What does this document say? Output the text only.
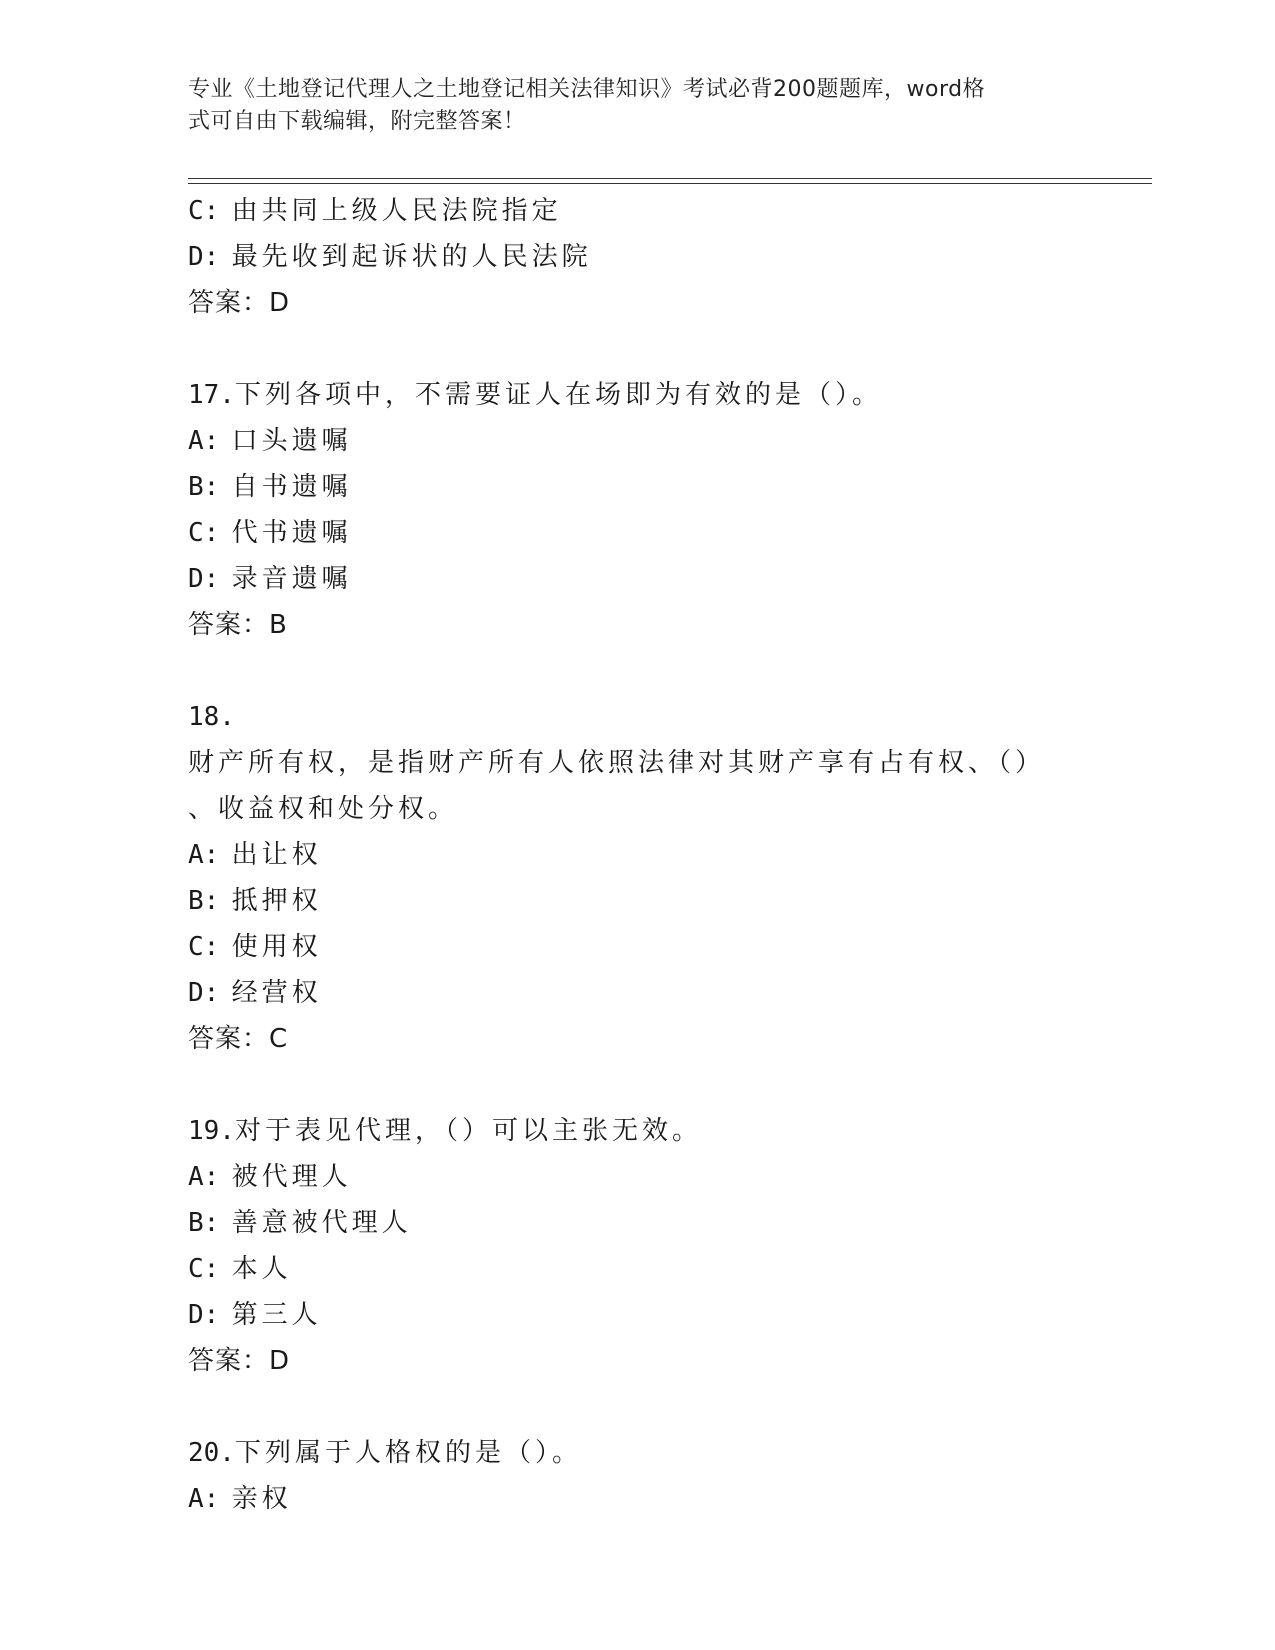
专业《土地登记代理人之土地登记相关法律知识》考试必背200题题库，word格
式可自由下载编辑，附完整答案！
C: 由共同上级人民法院指定
D: 最先收到起诉状的人民法院
答案：D
17.下列各项中，不需要证人在场即为有效的是（）。
A: 口头遗嘱
B: 自书遗嘱
C: 代书遗嘱
D: 录音遗嘱
答案：B
18.财产所有权，是指财产所有人依照法律对其财产享有占有权、（）
、收益权和处分权。
A: 出让权
B: 抵押权
C: 使用权
D: 经营权
答案：C
19.对于表见代理，（）可以主张无效。
A: 被代理人
B: 善意被代理人
C: 本人
D: 第三人
答案：D
20.下列属于人格权的是（）。
A: 亲权
